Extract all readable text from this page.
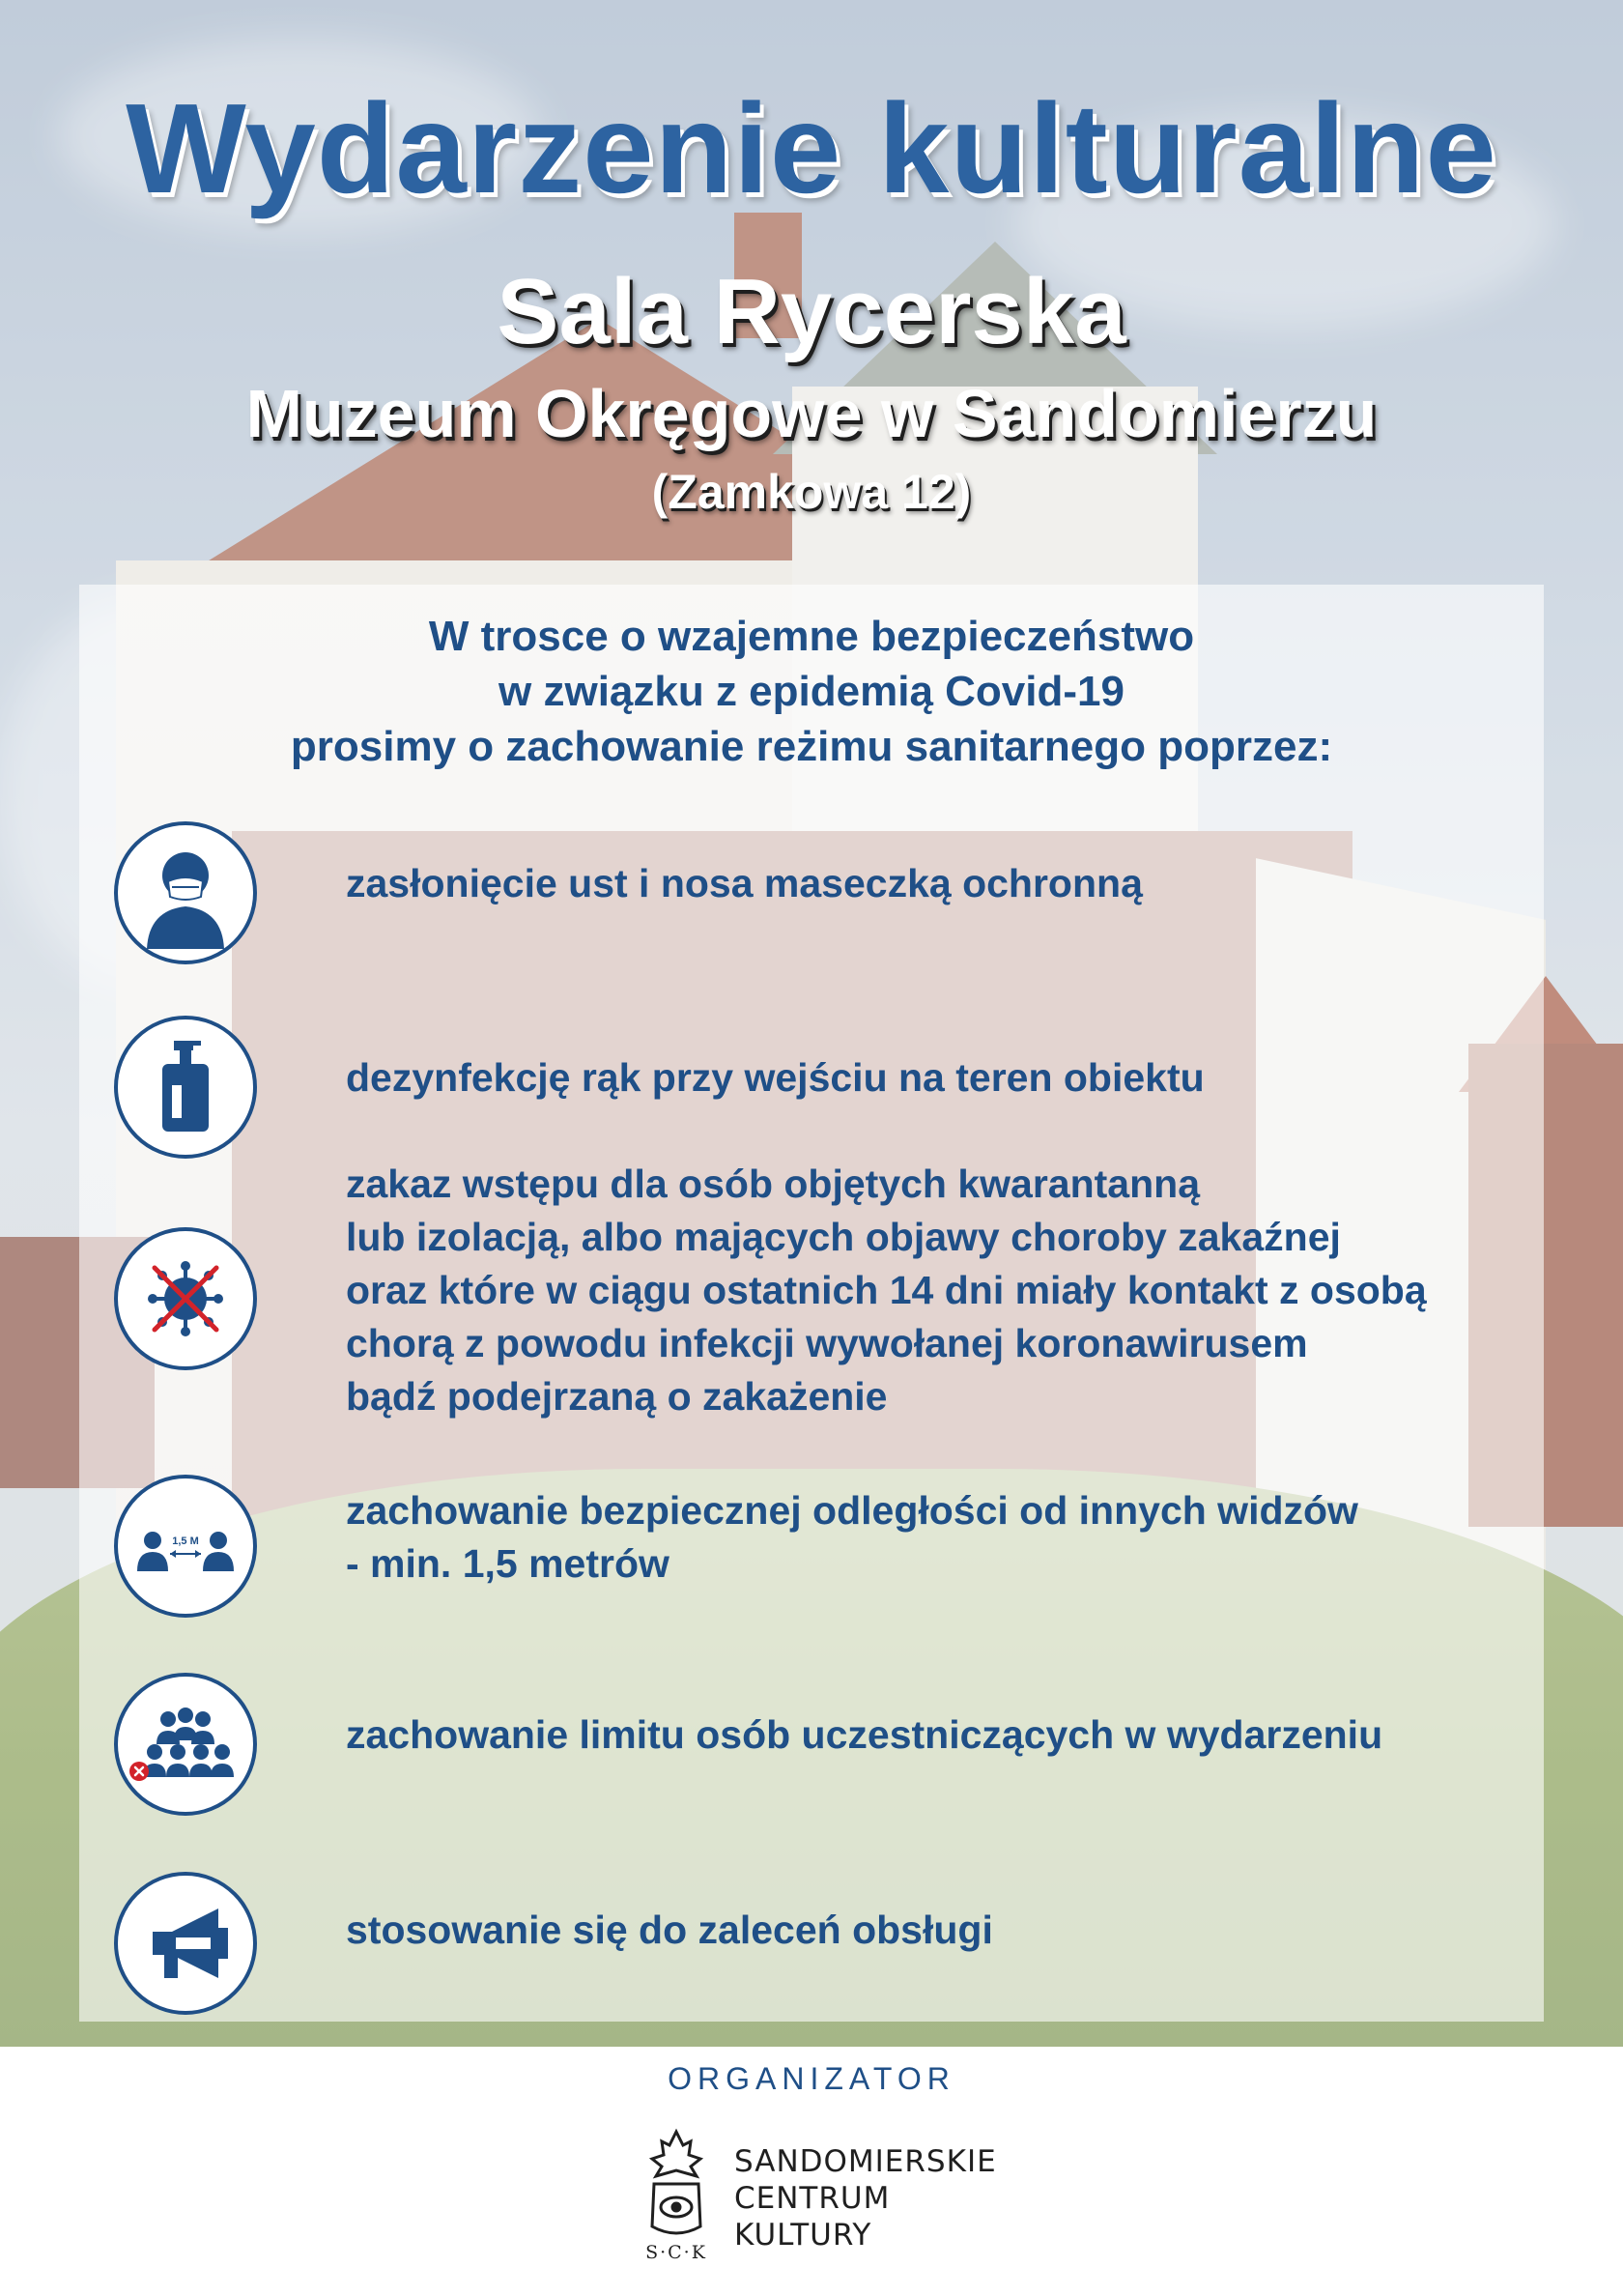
Wydarzenie kulturalne
Sala Rycerska
Muzeum Okręgowe w Sandomierzu
(Zamkowa 12)
W trosce o wzajemne bezpieczeństwo
w związku z epidemią Covid-19
prosimy o zachowanie reżimu sanitarnego poprzez:
zasłonięcie ust i nosa maseczką ochronną
dezynfekcję rąk przy wejściu na teren obiektu
zakaz wstępu dla osób objętych kwarantanną
lub izolacją, albo mających objawy choroby zakaźnej
oraz które w ciągu ostatnich 14 dni miały kontakt z osobą
chorą z powodu infekcji wywołanej koronawirusem
bądź podejrzaną o zakażenie
1,5 M
zachowanie bezpiecznej odległości od innych widzów
- min. 1,5 metrów
zachowanie limitu osób uczestniczących w wydarzeniu
stosowanie się do zaleceń obsługi
ORGANIZATOR
S·C·K
SANDOMIERSKIE
CENTRUM
KULTURY
